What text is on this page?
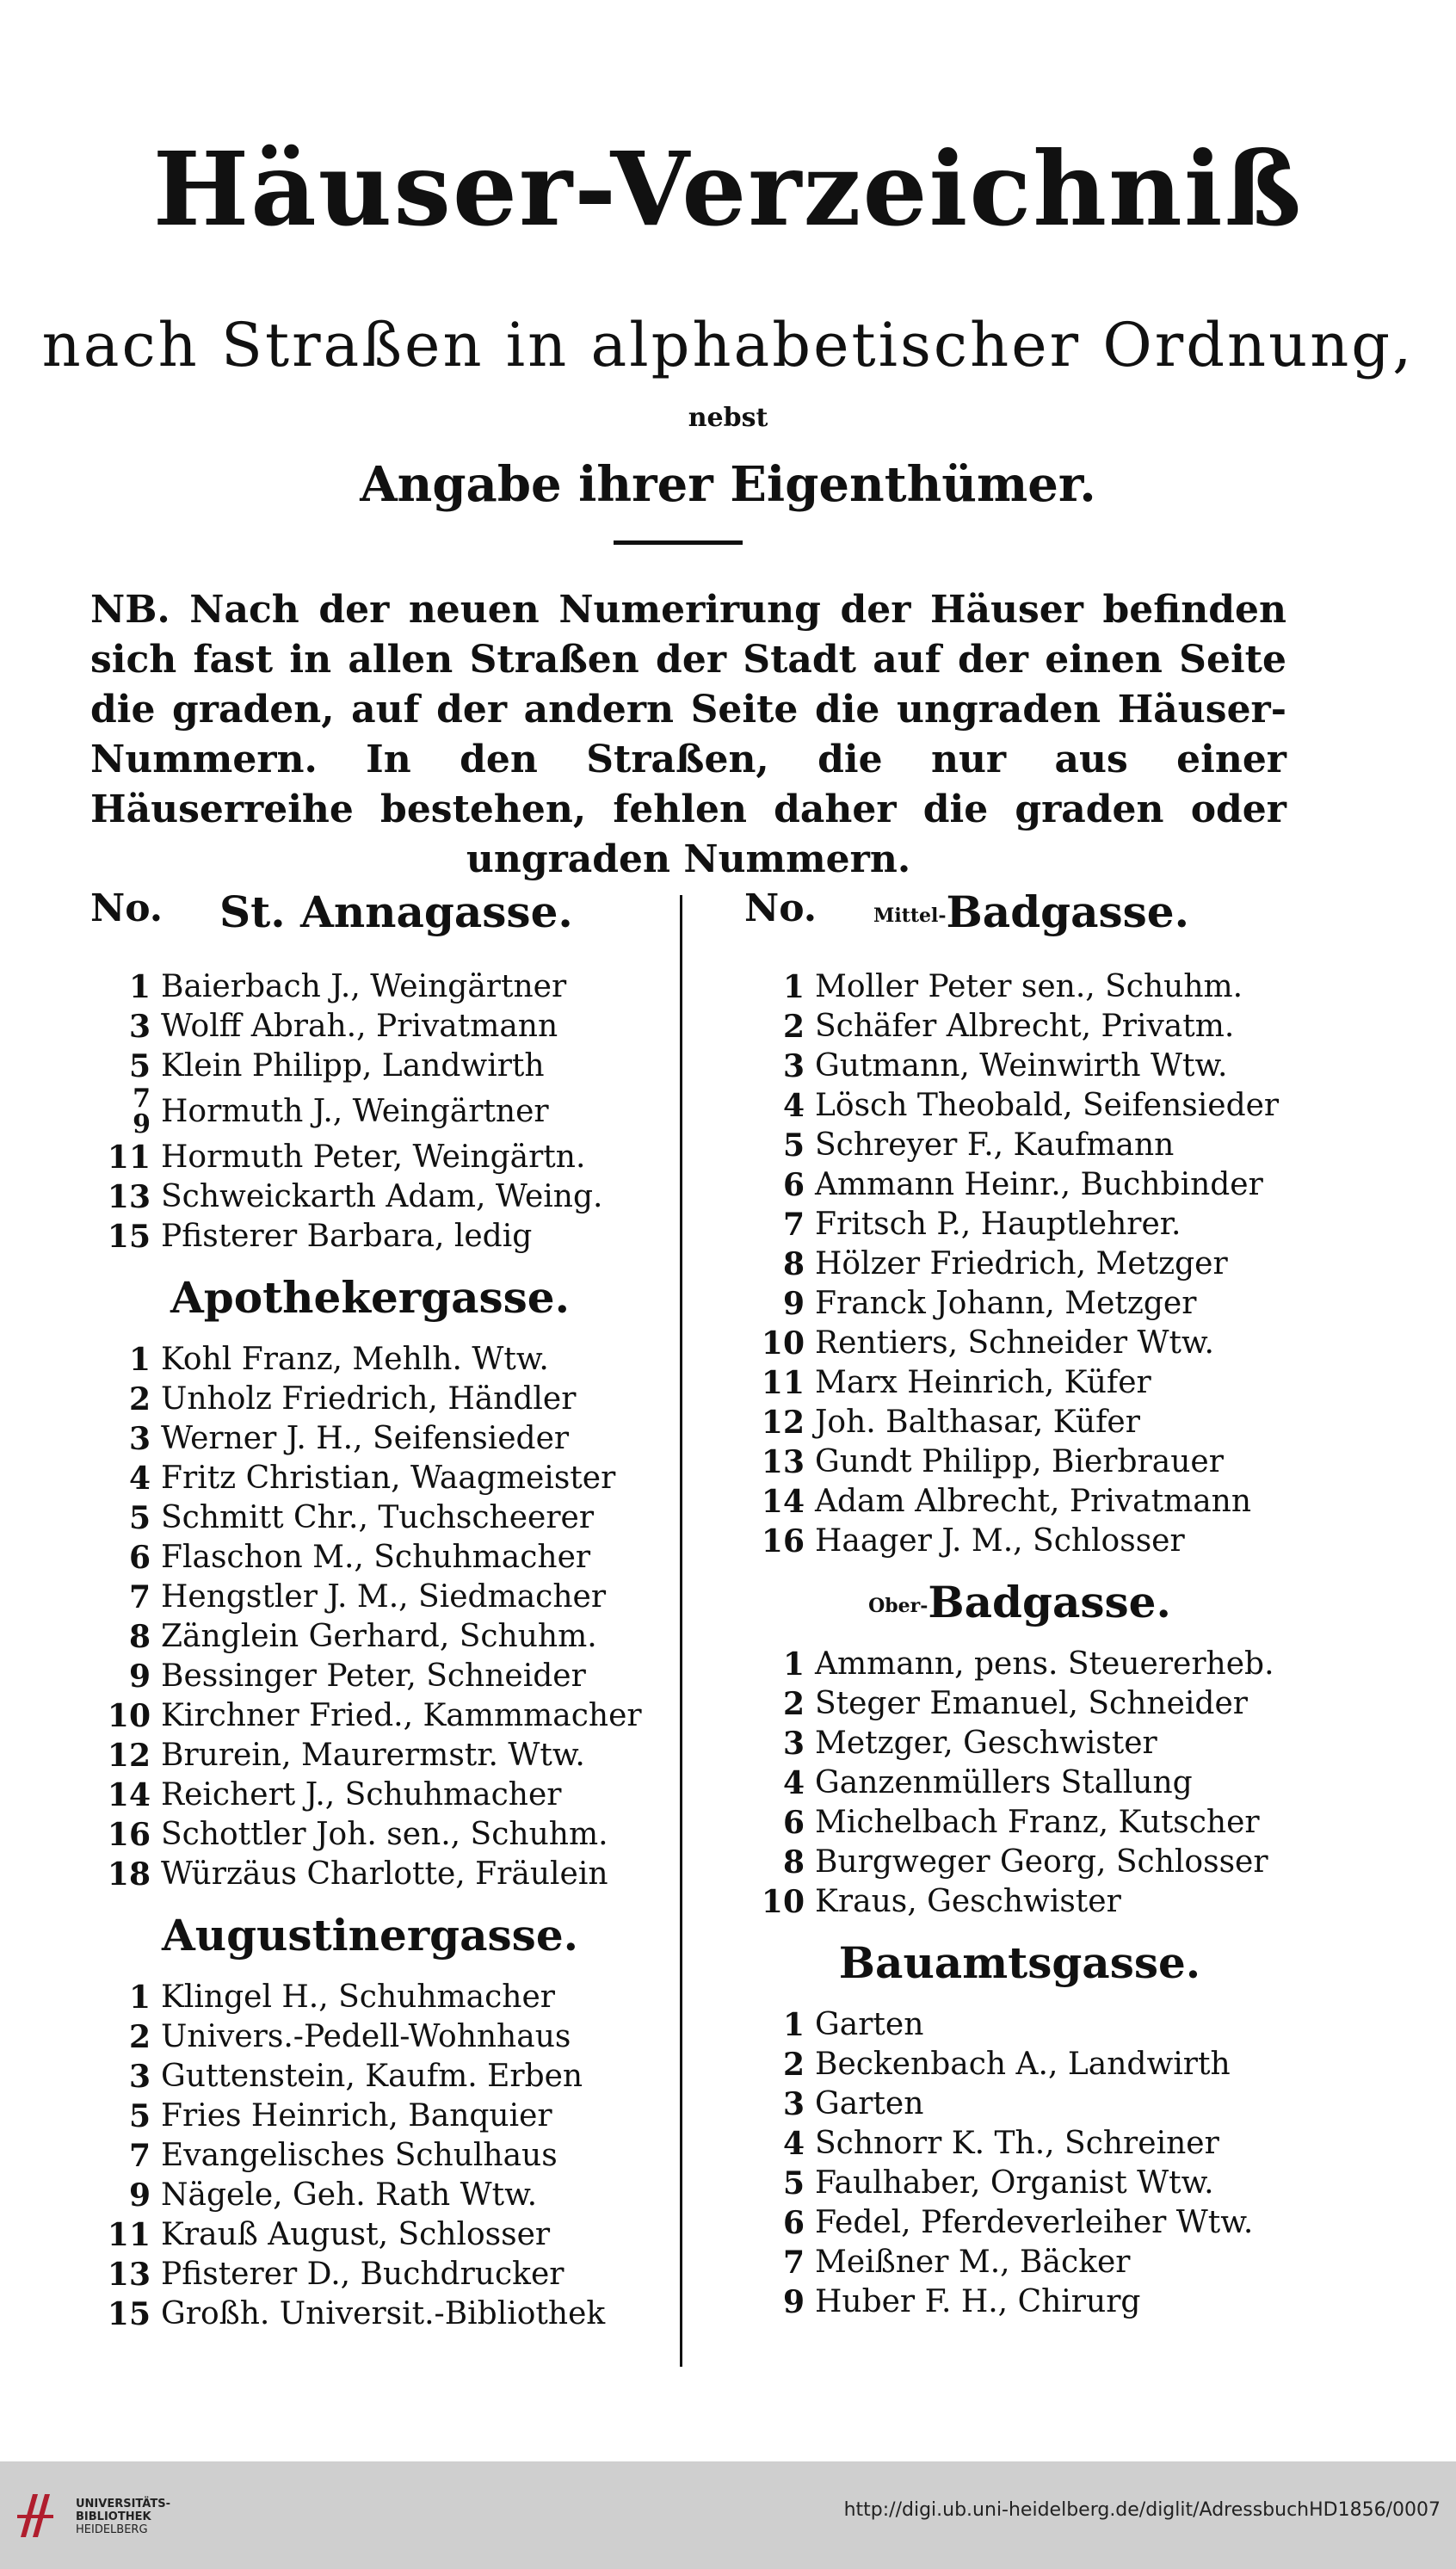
Häuser-Verzeichniß
nach Straßen in alphabetischer Ordnung,
nebst
Angabe ihrer Eigenthümer.
NB. Nach der neuen Numerirung der Häuser befinden sich fast in allen Straßen der Stadt auf der einen Seite die graden, auf der andern Seite die ungraden Häuser-Nummern. In den Straßen, die nur aus einer Häuserreihe bestehen, fehlen daher die graden oder ungraden Nummern.
No. St. Annagasse.
1 Baierbach J., Weingärtner
3 Wolff Abrah., Privatmann
5 Klein Philipp, Landwirth
7
9 Hormuth J., Weingärtner
11 Hormuth Peter, Weingärtn.
13 Schweickarth Adam, Weing.
15 Pfisterer Barbara, ledig
Apothekergasse.
1 Kohl Franz, Mehlh. Wtw.
2 Unholz Friedrich, Händler
3 Werner J. H., Seifensieder
4 Fritz Christian, Waagmeister
5 Schmitt Chr., Tuchscheerer
6 Flaschon M., Schuhmacher
7 Hengstler J. M., Siedmacher
8 Zänglein Gerhard, Schuhm.
9 Bessinger Peter, Schneider
10 Kirchner Fried., Kammmacher
12 Brurein, Maurermstr. Wtw.
14 Reichert J., Schuhmacher
16 Schottler Joh. sen., Schuhm.
18 Würzäus Charlotte, Fräulein
Augustinergasse.
1 Klingel H., Schuhmacher
2 Univers.-Pedell-Wohnhaus
3 Guttenstein, Kaufm. Erben
5 Fries Heinrich, Banquier
7 Evangelisches Schulhaus
9 Nägele, Geh. Rath Wtw.
11 Krauß August, Schlosser
13 Pfisterer D., Buchdrucker
15 Großh. Universit.-Bibliothek
No.	Mittel-Badgasse.
1 Moller Peter sen., Schuhm.
2 Schäfer Albrecht, Privatm.
3 Gutmann, Weinwirth Wtw.
4 Lösch Theobald, Seifensieder
5 Schreyer F., Kaufmann
6 Ammann Heinr., Buchbinder
7 Fritsch P., Hauptlehrer.
8 Hölzer Friedrich, Metzger
9 Franck Johann, Metzger
10 Rentiers, Schneider Wtw.
11 Marx Heinrich, Küfer
12 Joh. Balthasar, Küfer
13 Gundt Philipp, Bierbrauer
14 Adam Albrecht, Privatmann
16 Haager J. M., Schlosser
Ober-Badgasse.
1 Ammann, pens. Steuererheb.
2 Steger Emanuel, Schneider
3 Metzger, Geschwister
4 Ganzenmüllers Stallung
6 Michelbach Franz, Kutscher
8 Burgweger Georg, Schlosser
10 Kraus, Geschwister
Bauamtsgasse.
1 Garten
2 Beckenbach A., Landwirth
3 Garten
4 Schnorr K. Th., Schreiner
5 Faulhaber, Organist Wtw.
6 Fedel, Pferdeverleiher Wtw.
7 Meißner M., Bäcker
9 Huber F. H., Chirurg
UNIVERSITÄTS-
BIBLIOTHEK
HEIDELBERG
http://digi.ub.uni-heidelberg.de/diglit/AdressbuchHD1856/0007
